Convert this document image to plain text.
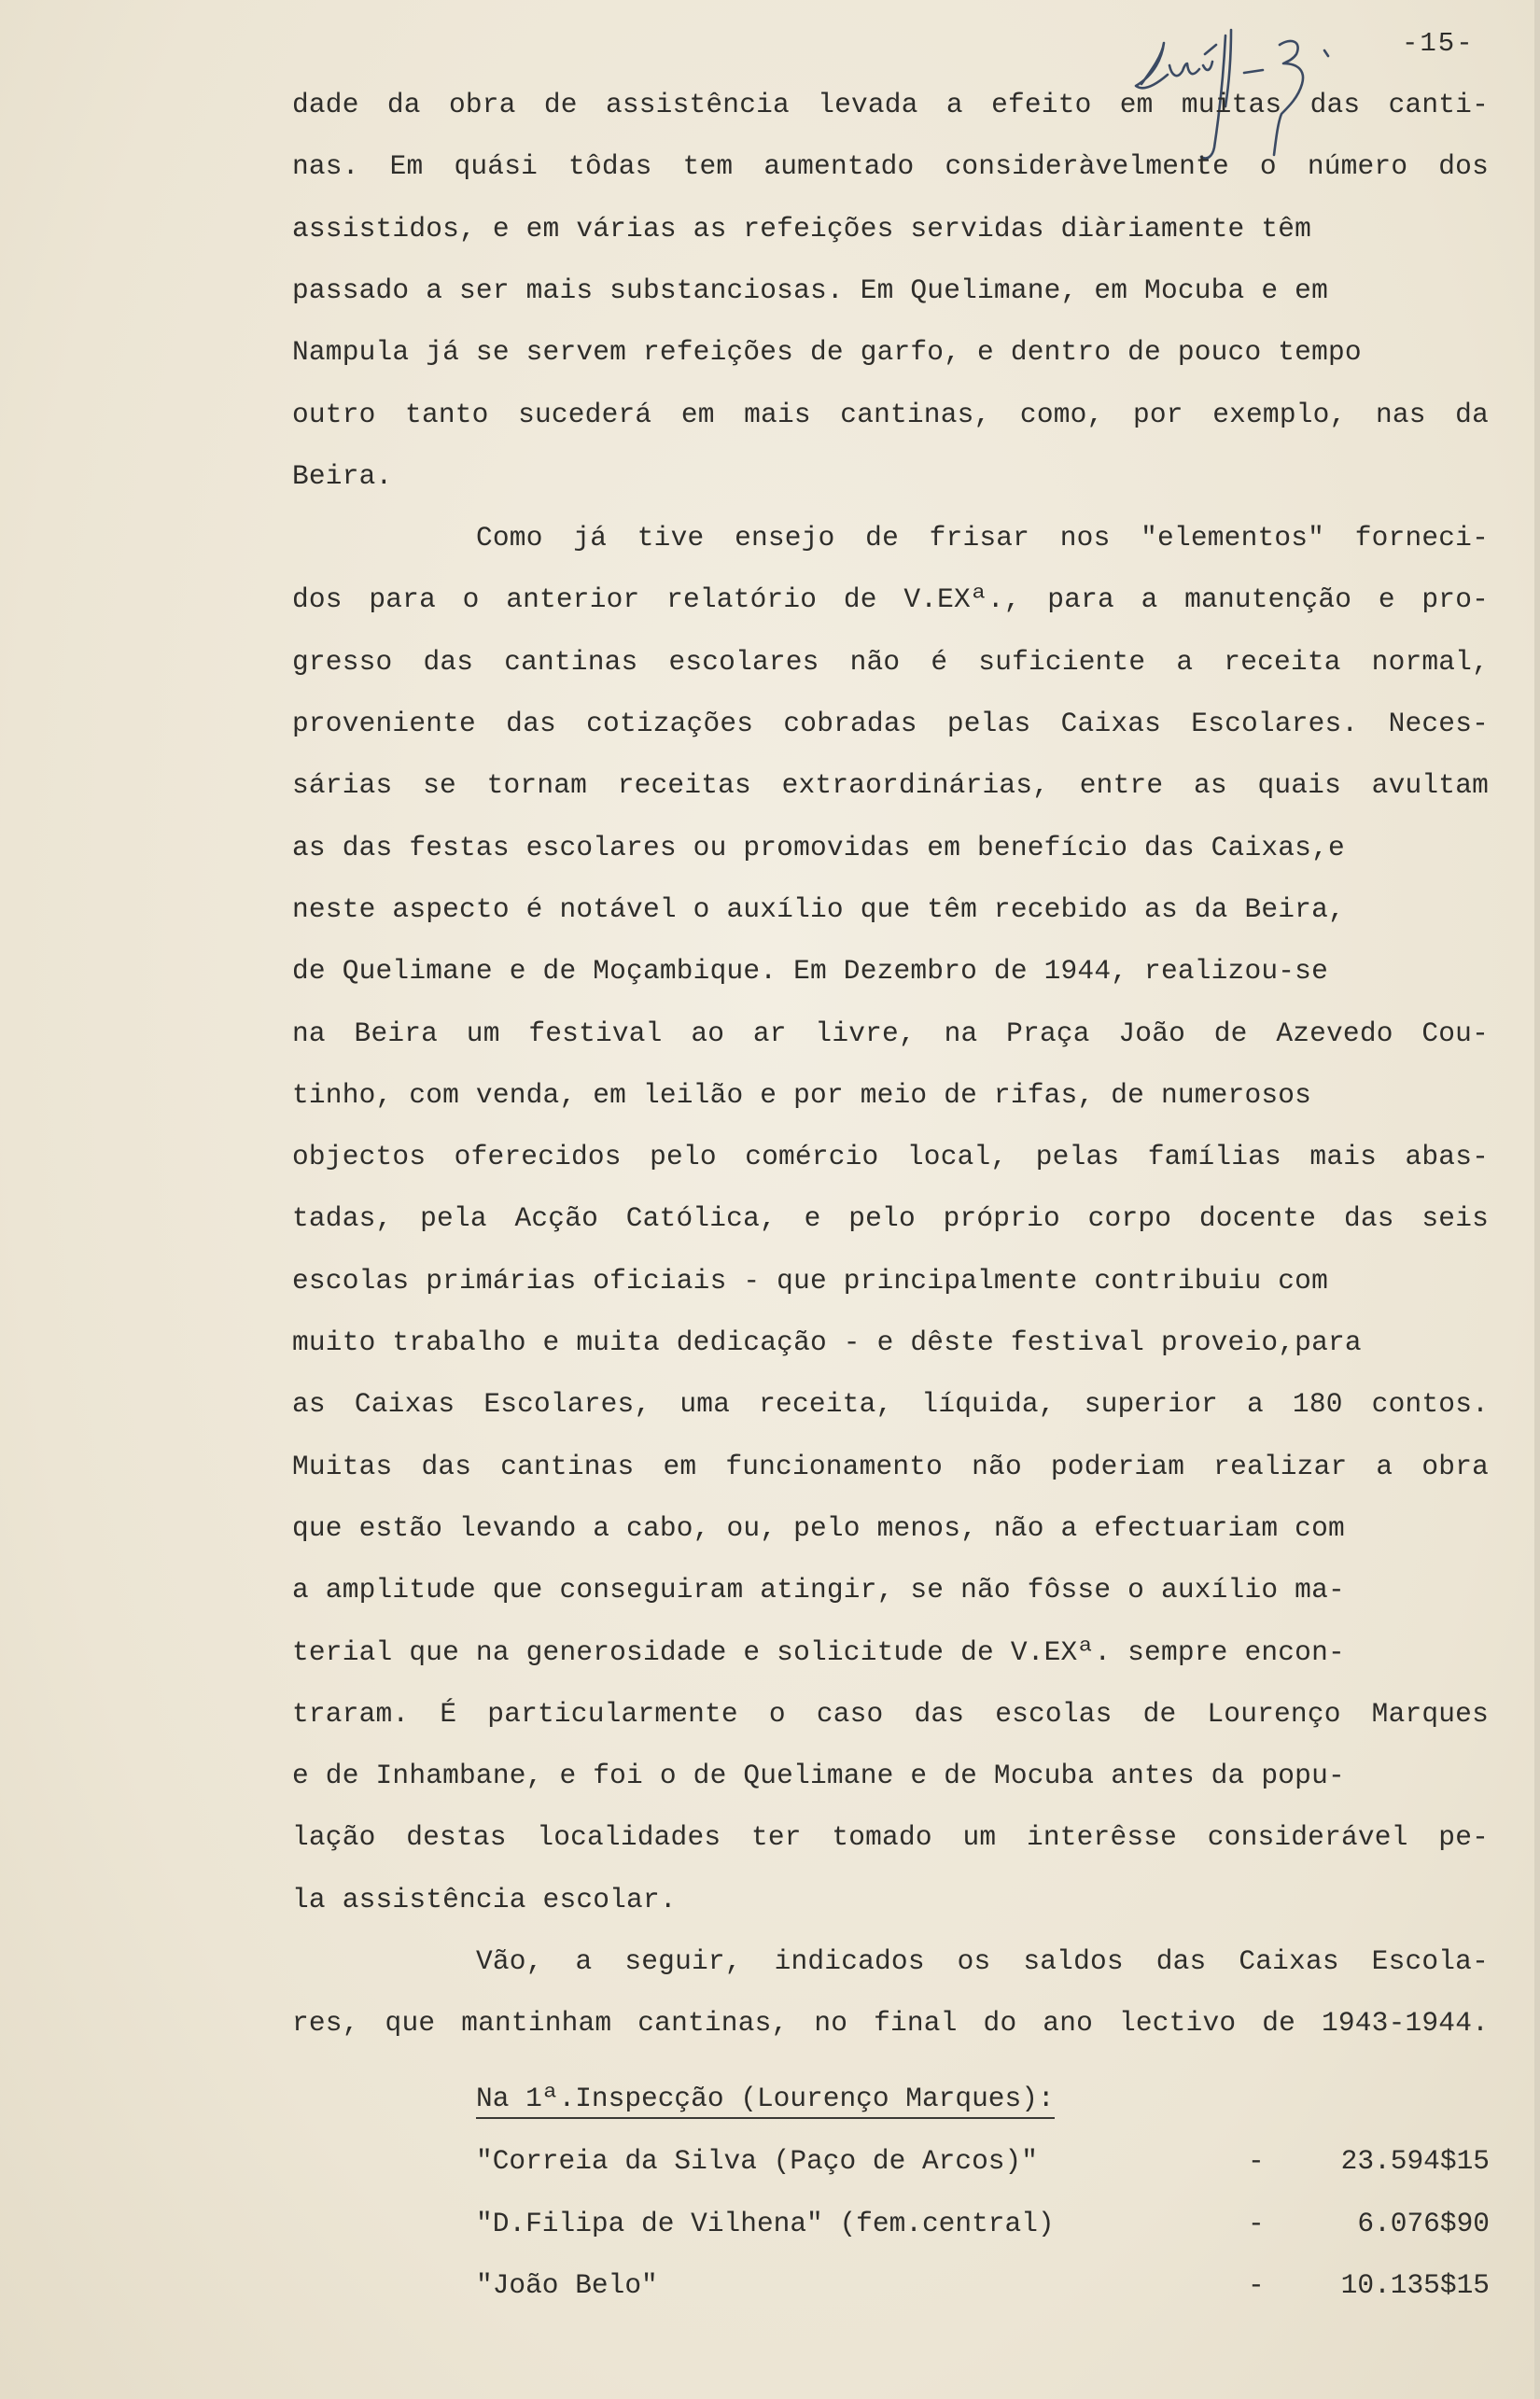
-15-
dade da obra de assistência levada a efeito em muitas das canti-
nas. Em quási tôdas tem aumentado consideràvelmente o número dos
assistidos, e em várias as refeições servidas diàriamente têm
passado a ser mais substanciosas. Em Quelimane, em Mocuba e em
Nampula já se servem refeições de garfo, e dentro de pouco tempo
outro tanto sucederá em mais cantinas, como, por exemplo, nas da
Beira.
Como já tive ensejo de frisar nos "elementos" forneci-
dos para o anterior relatório de V.EXª., para a manutenção e pro-
gresso das cantinas escolares não é suficiente a receita normal,
proveniente das cotizações cobradas pelas Caixas Escolares. Neces-
sárias se tornam receitas extraordinárias, entre as quais avultam
as das festas escolares ou promovidas em benefício das Caixas,e
neste aspecto é notável o auxílio que têm recebido as da Beira,
de Quelimane e de Moçambique. Em Dezembro de 1944, realizou-se
na Beira um festival ao ar livre, na Praça João de Azevedo Cou-
tinho, com venda, em leilão e por meio de rifas, de numerosos
objectos oferecidos pelo comércio local, pelas famílias mais abas-
tadas, pela Acção Católica, e pelo próprio corpo docente das seis
escolas primárias oficiais - que principalmente contribuiu com
muito trabalho e muita dedicação - e dêste festival proveio,para
as Caixas Escolares, uma receita, líquida, superior a 180 contos.
Muitas das cantinas em funcionamento não poderiam realizar a obra
que estão levando a cabo, ou, pelo menos, não a efectuariam com
a amplitude que conseguiram atingir, se não fôsse o auxílio ma-
terial que na generosidade e solicitude de V.EXª. sempre encon-
traram. É particularmente o caso das escolas de Lourenço Marques
e de Inhambane, e foi o de Quelimane e de Mocuba antes da popu-
lação destas localidades ter tomado um interêsse considerável pe-
la assistência escolar.
Vão, a seguir, indicados os saldos das Caixas Escola-
res, que mantinham cantinas, no final do ano lectivo de 1943-1944.
Na 1ª.Inspecção (Lourenço Marques):
"Correia da Silva (Paço de Arcos)"	-	23.594$15
"D.Filipa de Vilhena" (fem.central)	-	6.076$90
"João Belo"	-	10.135$15
